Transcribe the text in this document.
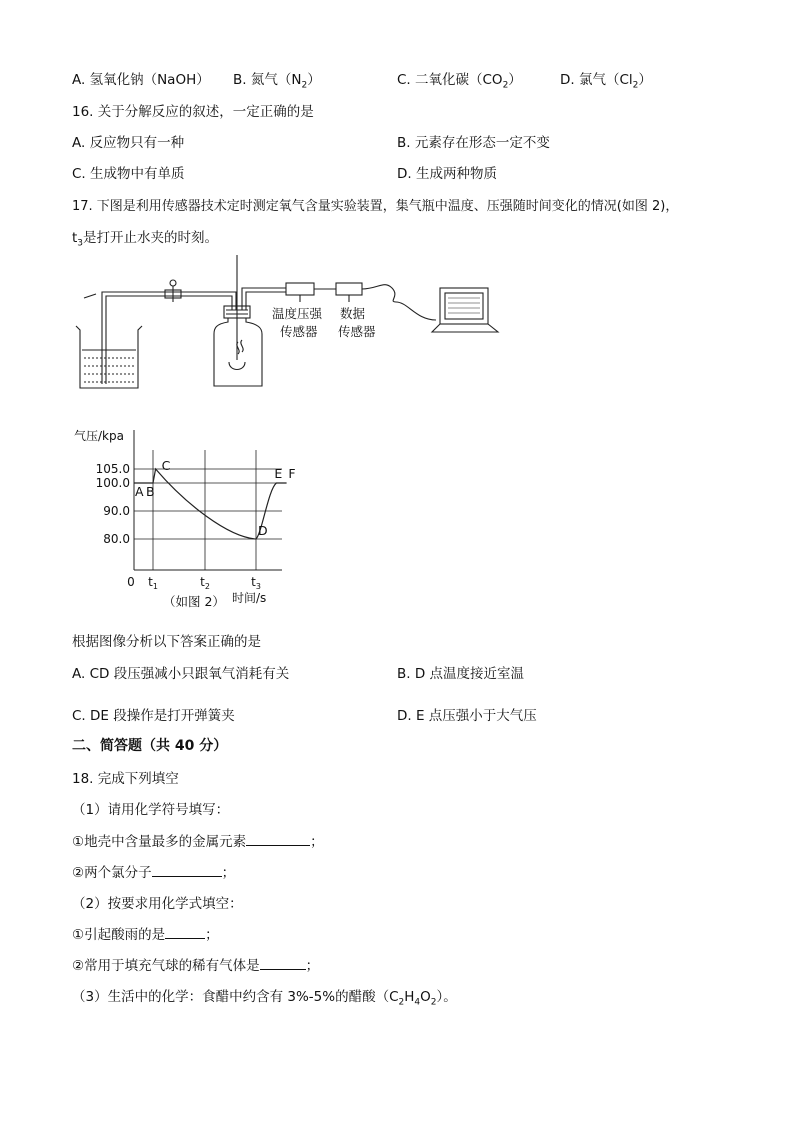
A. 氢氧化钠（NaOH） B. 氮气$(N_2)$	C. 二氧化碳$(CO_2)$	D. 氯气$(Cl_2)$
16. 关于分解反应的叙述，一定正确的是
A. 反应物只有一种	B. 元素存在形态一定不变
C. 生成物中有单质	D. 生成两种物质
17. 下图是利用传感器技术定时测定氧气含量实验装置，集气瓶中温度、压强随时间变化的情况(如图 2)，
$t_3$是打开止水夹的时刻。
温度压强
传感器
数据
传感器
气压/kpa
105.0
100.0
90.0
80.0
0 $t_1$	$t_2$	$t_3$
时间/s
A B
C
D
E F
（如图 2）
根据图像分析以下答案正确的是
A. CD 段压强减小只跟氧气消耗有关	B. D 点温度接近室温
C. DE 段操作是打开弹簧夹	D. E 点压强小于大气压
二、简答题（共 40 分）
18. 完成下列填空
（1）请用化学符号填写：
①地壳中含量最多的金属元素	；
②两个氯分子	；
（2）按要求用化学式填空：
①引起酸雨的是	；
②常用于填充气球的稀有气体是	；
（3）生活中的化学：食醋中约含有 3%-5%的醋酸$(C_2H_4O_2)$。
